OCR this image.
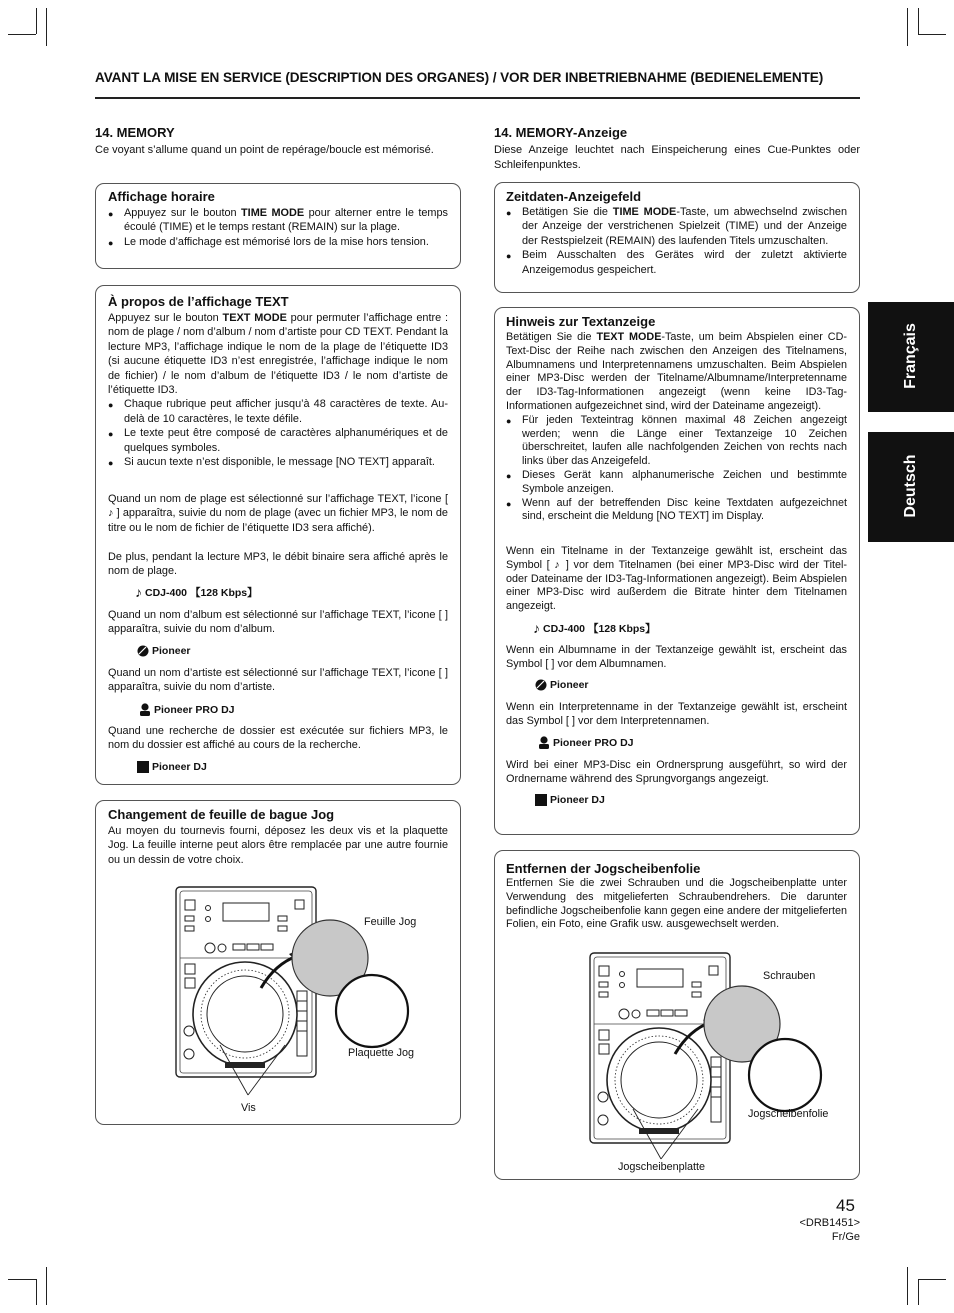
AVANT LA MISE EN SERVICE (DESCRIPTION DES ORGANES) / VOR DER INBETRIEBNAHME (BEDIENELEMENTE)
Français
Deutsch
14. MEMORY

Ce voyant s’allume quand un point de repérage/boucle est mémorisé.

Affichage horaire
● Appuyez sur le bouton TIME MODE pour alterner entre le temps écoulé (TIME) et le temps restant (REMAIN) sur la plage.
● Le mode d’affichage est mémorisé lors de la mise hors tension.
À propos de l’affichage TEXT
Appuyez sur le bouton TEXT MODE pour permuter l’affichage entre : nom de plage / nom d’album / nom d’artiste pour CD TEXT. Pendant la lecture MP3, l’affichage indique le nom de la plage de l’étiquette ID3 (si aucune étiquette ID3 n’est enregistrée, l’affichage indique le nom de fichier) / le nom d’album de l’étiquette ID3 / le nom d’artiste de l’étiquette ID3.
● Chaque rubrique peut afficher jusqu’à 48 caractères de texte. Au-delà de 10 caractères, le texte défile.
● Le texte peut être composé de caractères alphanumériques et de quelques symboles.
● Si aucun texte n’est disponible, le message [NO TEXT] apparaît.
Quand un nom de plage est sélectionné sur l’affichage TEXT, l’icone [ ♪ ] apparaîtra, suivie du nom de plage (avec un fichier MP3, le nom de titre ou le nom de fichier de l’étiquette ID3 sera affiché).
De plus, pendant la lecture MP3, le débit binaire sera affiché après le nom de plage.
♪ CDJ-400 【128 Kbps】
Quand un nom d’album est sélectionné sur l’affichage TEXT, l’icone [ ] apparaîtra, suivie du nom d’album.
Pioneer
Quand un nom d’artiste est sélectionné sur l’affichage TEXT, l’icone [ ] apparaîtra, suivie du nom d’artiste.
Pioneer PRO DJ
Quand une recherche de dossier est exécutée sur fichiers MP3, le nom du dossier est affiché au cours de la recherche.
Pioneer DJ
Changement de feuille de bague Jog
Au moyen du tournevis fourni, déposez les deux vis et la plaquette Jog. La feuille interne peut alors être remplacée par une autre fournie ou un dessin de votre choix.
Feuille Jog
Plaquette Jog
Vis
14. MEMORY-Anzeige

Diese Anzeige leuchtet nach Einspeicherung eines Cue-Punktes oder Schleifenpunktes.

Zeitdaten-Anzeigefeld
● Betätigen Sie die TIME MODE-Taste, um abwechselnd zwischen der Anzeige der verstrichenen Spielzeit (TIME) und der Anzeige der Restspielzeit (REMAIN) des laufenden Titels umzuschalten.
● Beim Ausschalten des Gerätes wird der zuletzt aktivierte Anzeigemodus gespeichert.
Hinweis zur Textanzeige
Betätigen Sie die TEXT MODE-Taste, um beim Abspielen einer CD-Text-Disc der Reihe nach zwischen den Anzeigen des Titelnamens, Albumnamens und Interpretennamens umzuschalten. Beim Abspielen einer MP3-Disc werden der Titelname/Albumname/Interpretenname der ID3-Tag-Informationen angezeigt (wenn keine ID3-Tag-Informationen aufgezeichnet sind, wird der Dateiname angezeigt).
● Für jeden Texteintrag können maximal 48 Zeichen angezeigt werden; wenn die Länge einer Textanzeige 10 Zeichen überschreitet, laufen alle nachfolgenden Zeichen von rechts nach links über das Anzeigefeld.
● Dieses Gerät kann alphanumerische Zeichen und bestimmte Symbole anzeigen.
● Wenn auf der betreffenden Disc keine Textdaten aufgezeichnet sind, erscheint die Meldung [NO TEXT] im Display.
Wenn ein Titelname in der Textanzeige gewählt ist, erscheint das Symbol [ ♪ ] vor dem Titelnamen (bei einer MP3-Disc wird der Titel- oder Dateiname der ID3-Tag-Informationen angezeigt). Beim Abspielen einer MP3-Disc wird außerdem die Bitrate hinter dem Titelnamen angezeigt.
♪ CDJ-400 【128 Kbps】
Wenn ein Albumname in der Textanzeige gewählt ist, erscheint das Symbol [ ] vor dem Albumnamen.
Pioneer
Wenn ein Interpretenname in der Textanzeige gewählt ist, erscheint das Symbol [ ] vor dem Interpretennamen.
Pioneer PRO DJ
Wird bei einer MP3-Disc ein Ordnersprung ausgeführt, so wird der Ordnername während des Sprungvorgangs angezeigt.
Pioneer DJ
Entfernen der Jogscheibenfolie
Entfernen Sie die zwei Schrauben und die Jogscheibenplatte unter Verwendung des mitgelieferten Schraubendrehers. Die darunter befindliche Jogscheibenfolie kann gegen eine andere der mitgelieferten Folien, ein Foto, eine Grafik usw. ausgewechselt werden.
Schrauben
Jogscheibenfolie
Jogscheibenplatte
45
<DRB1451>
Fr/Ge
